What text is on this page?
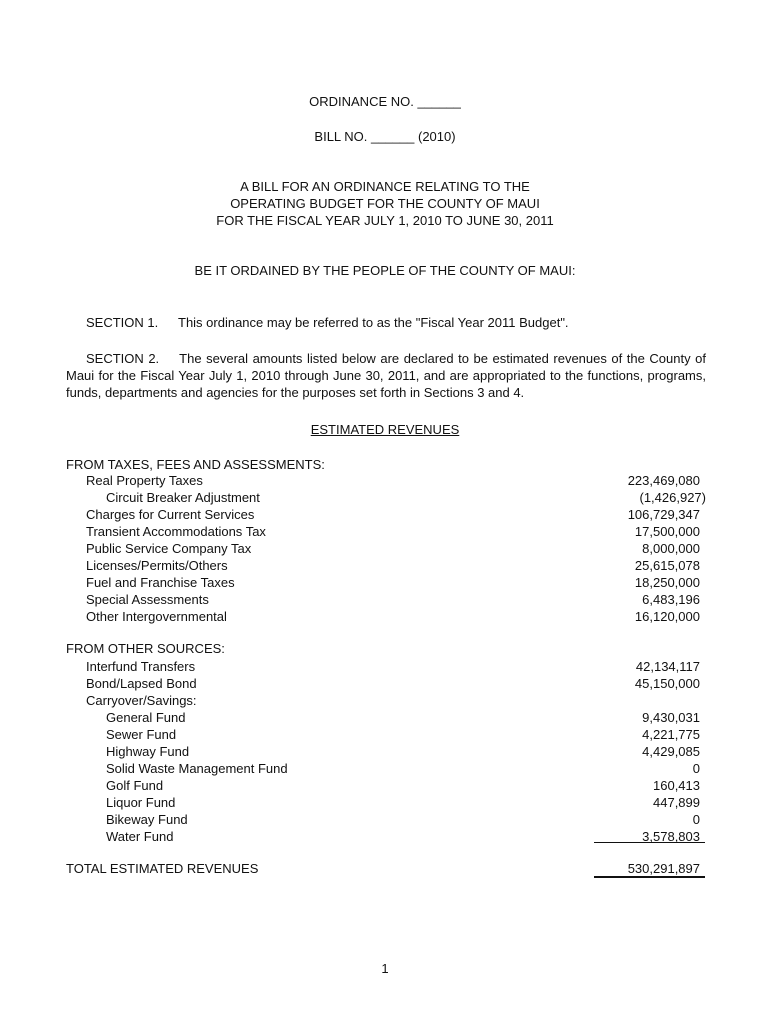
ORDINANCE NO. ______
BILL NO. ______ (2010)
A BILL FOR AN ORDINANCE RELATING TO THE
OPERATING BUDGET FOR THE COUNTY OF MAUI
FOR THE FISCAL YEAR JULY 1, 2010 TO JUNE 30, 2011
BE IT ORDAINED BY THE PEOPLE OF THE COUNTY OF MAUI:
SECTION 1. This ordinance may be referred to as the "Fiscal Year 2011 Budget".
SECTION 2. The several amounts listed below are declared to be estimated revenues of the County of Maui for the Fiscal Year July 1, 2010 through June 30, 2011, and are appropriated to the functions, programs, funds, departments and agencies for the purposes set forth in Sections 3 and 4.
ESTIMATED REVENUES
FROM TAXES, FEES AND ASSESSMENTS:
Real Property Taxes	223,469,080
Circuit Breaker Adjustment	(1,426,927)
Charges for Current Services	106,729,347
Transient Accommodations Tax	17,500,000
Public Service Company Tax	8,000,000
Licenses/Permits/Others	25,615,078
Fuel and Franchise Taxes	18,250,000
Special Assessments	6,483,196
Other Intergovernmental	16,120,000
FROM OTHER SOURCES:
Interfund Transfers	42,134,117
Bond/Lapsed Bond	45,150,000
Carryover/Savings:
General Fund	9,430,031
Sewer Fund	4,221,775
Highway Fund	4,429,085
Solid Waste Management Fund	0
Golf Fund	160,413
Liquor Fund	447,899
Bikeway Fund	0
Water Fund	3,578,803
TOTAL ESTIMATED REVENUES	530,291,897
1
